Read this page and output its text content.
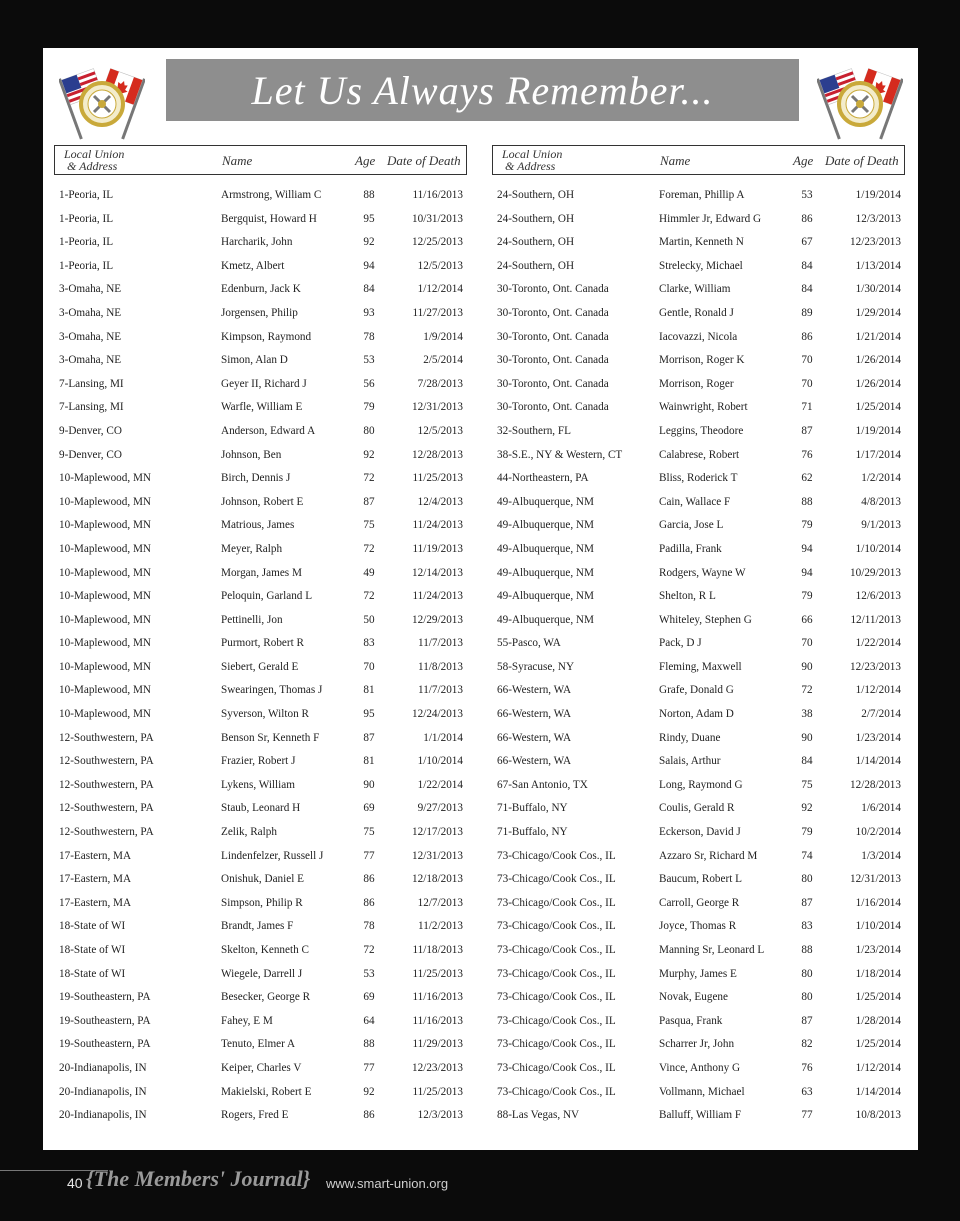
Let Us Always Remember...
Local Union
& Address	Name	Age Date of Death
1-Peoria, IL	Armstrong, William C	88	11/16/2013
1-Peoria, IL	Bergquist, Howard H	95	10/31/2013
1-Peoria, IL	Harcharik, John	92	12/25/2013
1-Peoria, IL	Kmetz, Albert	94	12/5/2013
3-Omaha, NE	Edenburn, Jack K	84	1/12/2014
3-Omaha, NE	Jorgensen, Philip	93	11/27/2013
3-Omaha, NE	Kimpson, Raymond	78	1/9/2014
3-Omaha, NE	Simon, Alan D	53	2/5/2014
7-Lansing, MI	Geyer II, Richard J	56	7/28/2013
7-Lansing, MI	Warfle, William E	79	12/31/2013
9-Denver, CO	Anderson, Edward A	80	12/5/2013
9-Denver, CO	Johnson, Ben	92	12/28/2013
10-Maplewood, MN	Birch, Dennis J	72	11/25/2013
10-Maplewood, MN	Johnson, Robert E	87	12/4/2013
10-Maplewood, MN	Matrious, James	75	11/24/2013
10-Maplewood, MN	Meyer, Ralph	72	11/19/2013
10-Maplewood, MN	Morgan, James M	49	12/14/2013
10-Maplewood, MN	Peloquin, Garland L	72	11/24/2013
10-Maplewood, MN	Pettinelli, Jon	50	12/29/2013
10-Maplewood, MN	Purmort, Robert R	83	11/7/2013
10-Maplewood, MN	Siebert, Gerald E	70	11/8/2013
10-Maplewood, MN	Swearingen, Thomas J	81	11/7/2013
10-Maplewood, MN	Syverson, Wilton R	95	12/24/2013
12-Southwestern, PA	Benson Sr, Kenneth F	87	1/1/2014
12-Southwestern, PA	Frazier, Robert J	81	1/10/2014
12-Southwestern, PA	Lykens, William	90	1/22/2014
12-Southwestern, PA	Staub, Leonard H	69	9/27/2013
12-Southwestern, PA	Zelik, Ralph	75	12/17/2013
17-Eastern, MA	Lindenfelzer, Russell J	77	12/31/2013
17-Eastern, MA	Onishuk, Daniel E	86	12/18/2013
17-Eastern, MA	Simpson, Philip R	86	12/7/2013
18-State of WI	Brandt, James F	78	11/2/2013
18-State of WI	Skelton, Kenneth C	72	11/18/2013
18-State of WI	Wiegele, Darrell J	53	11/25/2013
19-Southeastern, PA	Besecker, George R	69	11/16/2013
19-Southeastern, PA	Fahey, E M	64	11/16/2013
19-Southeastern, PA	Tenuto, Elmer A	88	11/29/2013
20-Indianapolis, IN	Keiper, Charles V	77	12/23/2013
20-Indianapolis, IN	Makielski, Robert E	92	11/25/2013
20-Indianapolis, IN	Rogers, Fred E	86	12/3/2013
Local Union
& Address	Name	Age Date of Death
24-Southern, OH	Foreman, Phillip A	53	1/19/2014
24-Southern, OH	Himmler Jr, Edward G	86	12/3/2013
24-Southern, OH	Martin, Kenneth N	67	12/23/2013
24-Southern, OH	Strelecky, Michael	84	1/13/2014
30-Toronto, Ont. Canada	Clarke, William	84	1/30/2014
30-Toronto, Ont. Canada	Gentle, Ronald J	89	1/29/2014
30-Toronto, Ont. Canada	Iacovazzi, Nicola	86	1/21/2014
30-Toronto, Ont. Canada	Morrison, Roger K	70	1/26/2014
30-Toronto, Ont. Canada	Morrison, Roger	70	1/26/2014
30-Toronto, Ont. Canada	Wainwright, Robert	71	1/25/2014
32-Southern, FL	Leggins, Theodore	87	1/19/2014
38-S.E., NY & Western, CT	Calabrese, Robert	76	1/17/2014
44-Northeastern, PA	Bliss, Roderick T	62	1/2/2014
49-Albuquerque, NM	Cain, Wallace F	88	4/8/2013
49-Albuquerque, NM	Garcia, Jose L	79	9/1/2013
49-Albuquerque, NM	Padilla, Frank	94	1/10/2014
49-Albuquerque, NM	Rodgers, Wayne W	94	10/29/2013
49-Albuquerque, NM	Shelton, R L	79	12/6/2013
49-Albuquerque, NM	Whiteley, Stephen G	66	12/11/2013
55-Pasco, WA	Pack, D J	70	1/22/2014
58-Syracuse, NY	Fleming, Maxwell	90	12/23/2013
66-Western, WA	Grafe, Donald G	72	1/12/2014
66-Western, WA	Norton, Adam D	38	2/7/2014
66-Western, WA	Rindy, Duane	90	1/23/2014
66-Western, WA	Salais, Arthur	84	1/14/2014
67-San Antonio, TX	Long, Raymond G	75	12/28/2013
71-Buffalo, NY	Coulis, Gerald R	92	1/6/2014
71-Buffalo, NY	Eckerson, David J	79	10/2/2014
73-Chicago/Cook Cos., IL	Azzaro Sr, Richard M	74	1/3/2014
73-Chicago/Cook Cos., IL	Baucum, Robert L	80	12/31/2013
73-Chicago/Cook Cos., IL	Carroll, George R	87	1/16/2014
73-Chicago/Cook Cos., IL	Joyce, Thomas R	83	1/10/2014
73-Chicago/Cook Cos., IL	Manning Sr, Leonard L	88	1/23/2014
73-Chicago/Cook Cos., IL	Murphy, James E	80	1/18/2014
73-Chicago/Cook Cos., IL	Novak, Eugene	80	1/25/2014
73-Chicago/Cook Cos., IL	Pasqua, Frank	87	1/28/2014
73-Chicago/Cook Cos., IL	Scharrer Jr, John	82	1/25/2014
73-Chicago/Cook Cos., IL	Vince, Anthony G	76	1/12/2014
73-Chicago/Cook Cos., IL	Vollmann, Michael	63	1/14/2014
88-Las Vegas, NV	Balluff, William F	77	10/8/2013
40 {The Members' Journal} www.smart-union.org
